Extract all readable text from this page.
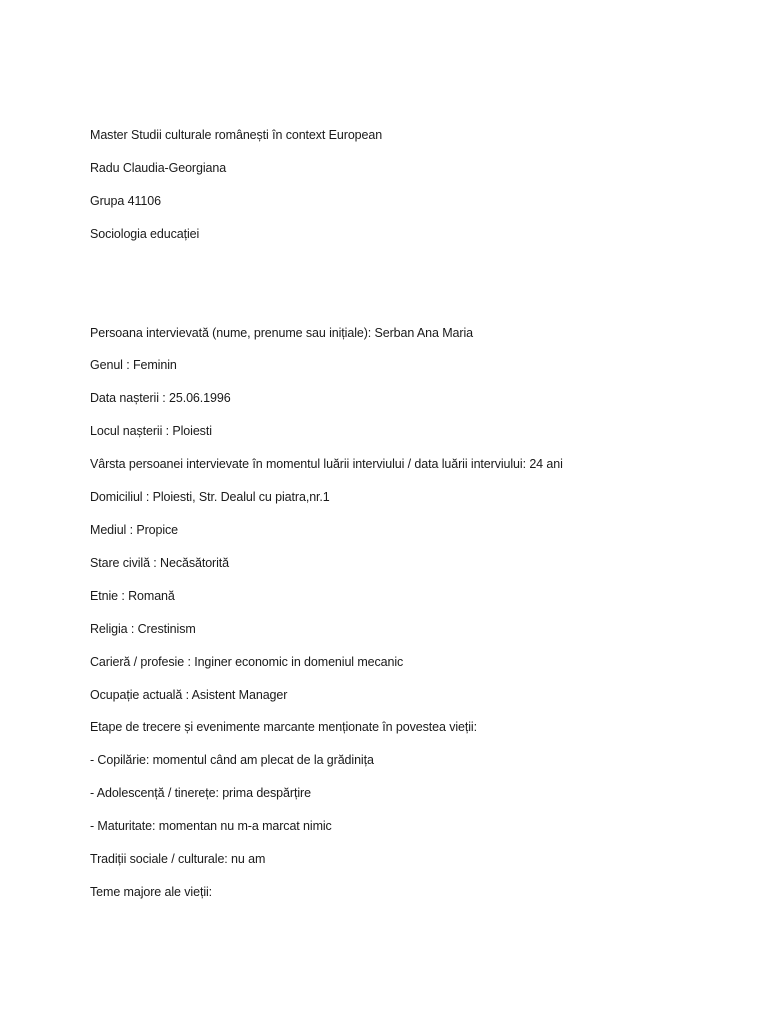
Master Studii culturale românești în context European
Radu Claudia-Georgiana
Grupa 41106
Sociologia educației
Persoana intervievată (nume, prenume sau inițiale): Serban Ana Maria
Genul : Feminin
Data nașterii : 25.06.1996
Locul nașterii : Ploiesti
Vârsta persoanei intervievate în momentul luării interviului / data luării interviului: 24 ani
Domiciliul : Ploiesti, Str. Dealul cu piatra,nr.1
Mediul : Propice
Stare civilă : Necăsătorită
Etnie : Romană
Religia : Crestinism
Carieră / profesie : Inginer economic in domeniul mecanic
Ocupație actuală : Asistent Manager
Etape de trecere și evenimente marcante menționate în povestea vieții:
- Copilărie: momentul când am plecat de la grădinița
- Adolescență / tinerețe: prima despărțire
- Maturitate: momentan nu m-a marcat nimic
Tradiții sociale / culturale: nu am
Teme majore ale vieții:
